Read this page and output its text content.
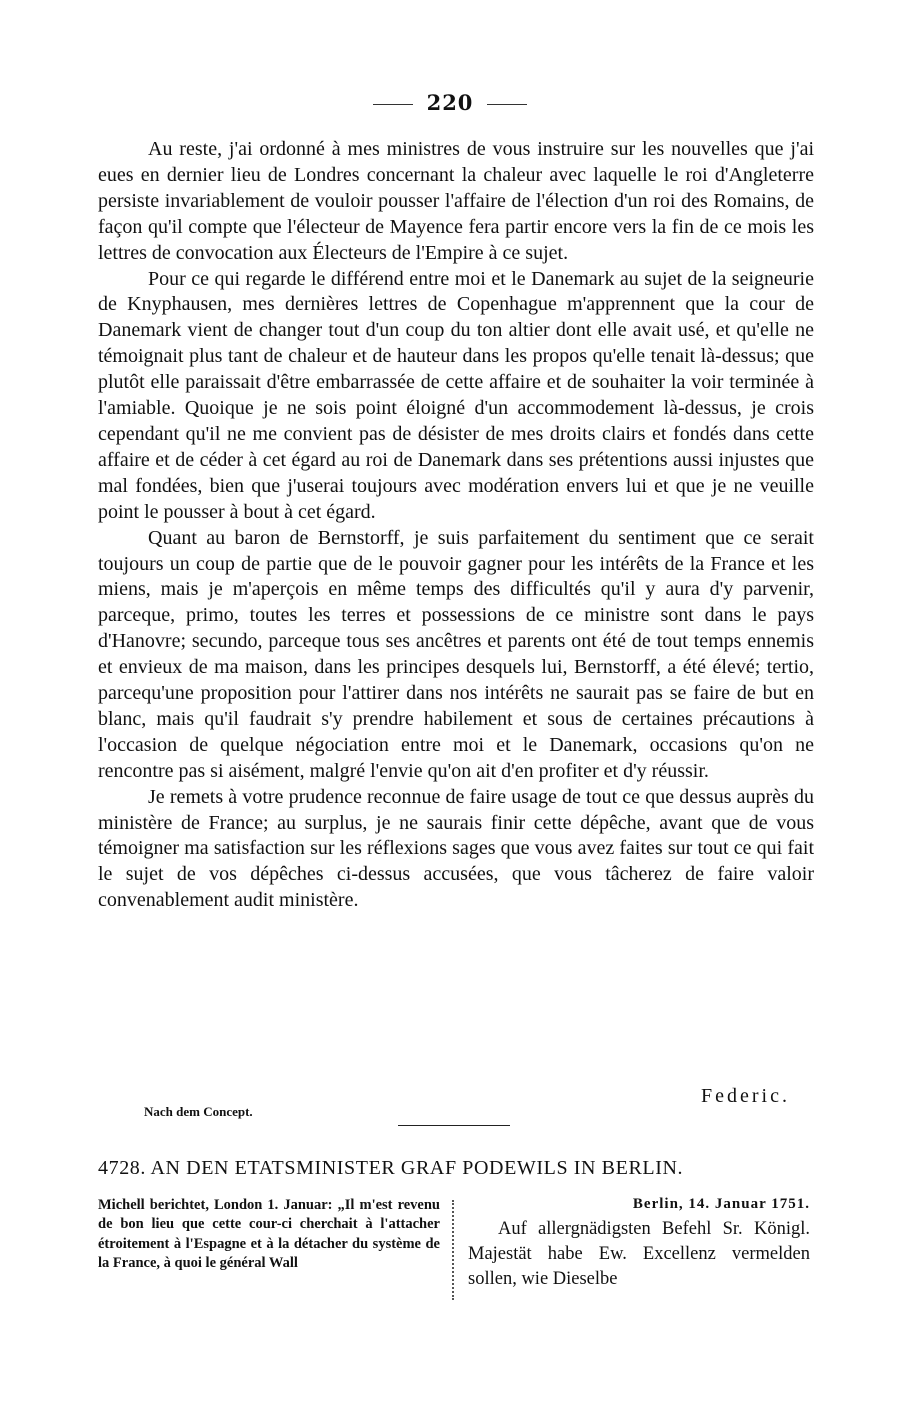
220

Au reste, j'ai ordonné à mes ministres de vous instruire sur les nouvelles que j'ai eues en dernier lieu de Londres concernant la chaleur avec laquelle le roi d'Angleterre persiste invariablement de vouloir pousser l'affaire de l'élection d'un roi des Romains, de façon qu'il compte que l'électeur de Mayence fera partir encore vers la fin de ce mois les lettres de convocation aux Électeurs de l'Empire à ce sujet.

Pour ce qui regarde le différend entre moi et le Danemark au sujet de la seigneurie de Knyphausen, mes dernières lettres de Copenhague m'apprennent que la cour de Danemark vient de changer tout d'un coup du ton altier dont elle avait usé, et qu'elle ne témoignait plus tant de chaleur et de hauteur dans les propos qu'elle tenait là-dessus; que plutôt elle paraissait d'être embarrassée de cette affaire et de souhaiter la voir terminée à l'amiable. Quoique je ne sois point éloigné d'un accommodement là-dessus, je crois cependant qu'il ne me convient pas de désister de mes droits clairs et fondés dans cette affaire et de céder à cet égard au roi de Danemark dans ses prétentions aussi injustes que mal fondées, bien que j'userai toujours avec modération envers lui et que je ne veuille point le pousser à bout à cet égard.

Quant au baron de Bernstorff, je suis parfaitement du sentiment que ce serait toujours un coup de partie que de le pouvoir gagner pour les intérêts de la France et les miens, mais je m'aperçois en même temps des difficultés qu'il y aura d'y parvenir, parceque, primo, toutes les terres et possessions de ce ministre sont dans le pays d'Hanovre; secundo, parceque tous ses ancêtres et parents ont été de tout temps ennemis et envieux de ma maison, dans les principes desquels lui, Bernstorff, a été élevé; tertio, parcequ'une proposition pour l'attirer dans nos intérêts ne saurait pas se faire de but en blanc, mais qu'il faudrait s'y prendre habilement et sous de certaines précautions à l'occasion de quelque négociation entre moi et le Danemark, occasions qu'on ne rencontre pas si aisément, malgré l'envie qu'on ait d'en profiter et d'y réussir.

Je remets à votre prudence reconnue de faire usage de tout ce que dessus auprès du ministère de France; au surplus, je ne saurais finir cette dépêche, avant que de vous témoigner ma satisfaction sur les réflexions sages que vous avez faites sur tout ce qui fait le sujet de vos dépêches ci-dessus accusées, que vous tâcherez de faire valoir convenablement audit ministère.

Federic.
Nach dem Concept.
4728. AN DEN ETATSMINISTER GRAF PODEWILS IN BERLIN.
Michell berichtet, London 1. Januar: „Il m'est revenu de bon lieu que cette cour-ci cherchait à l'attacher étroitement à l'Espagne et à la détacher du système de la France, à quoi le général Wall
Berlin, 14. Januar 1751.
Auf allergnädigsten Befehl Sr. Königl. Majestät habe Ew. Excellenz vermelden sollen, wie Dieselbe
